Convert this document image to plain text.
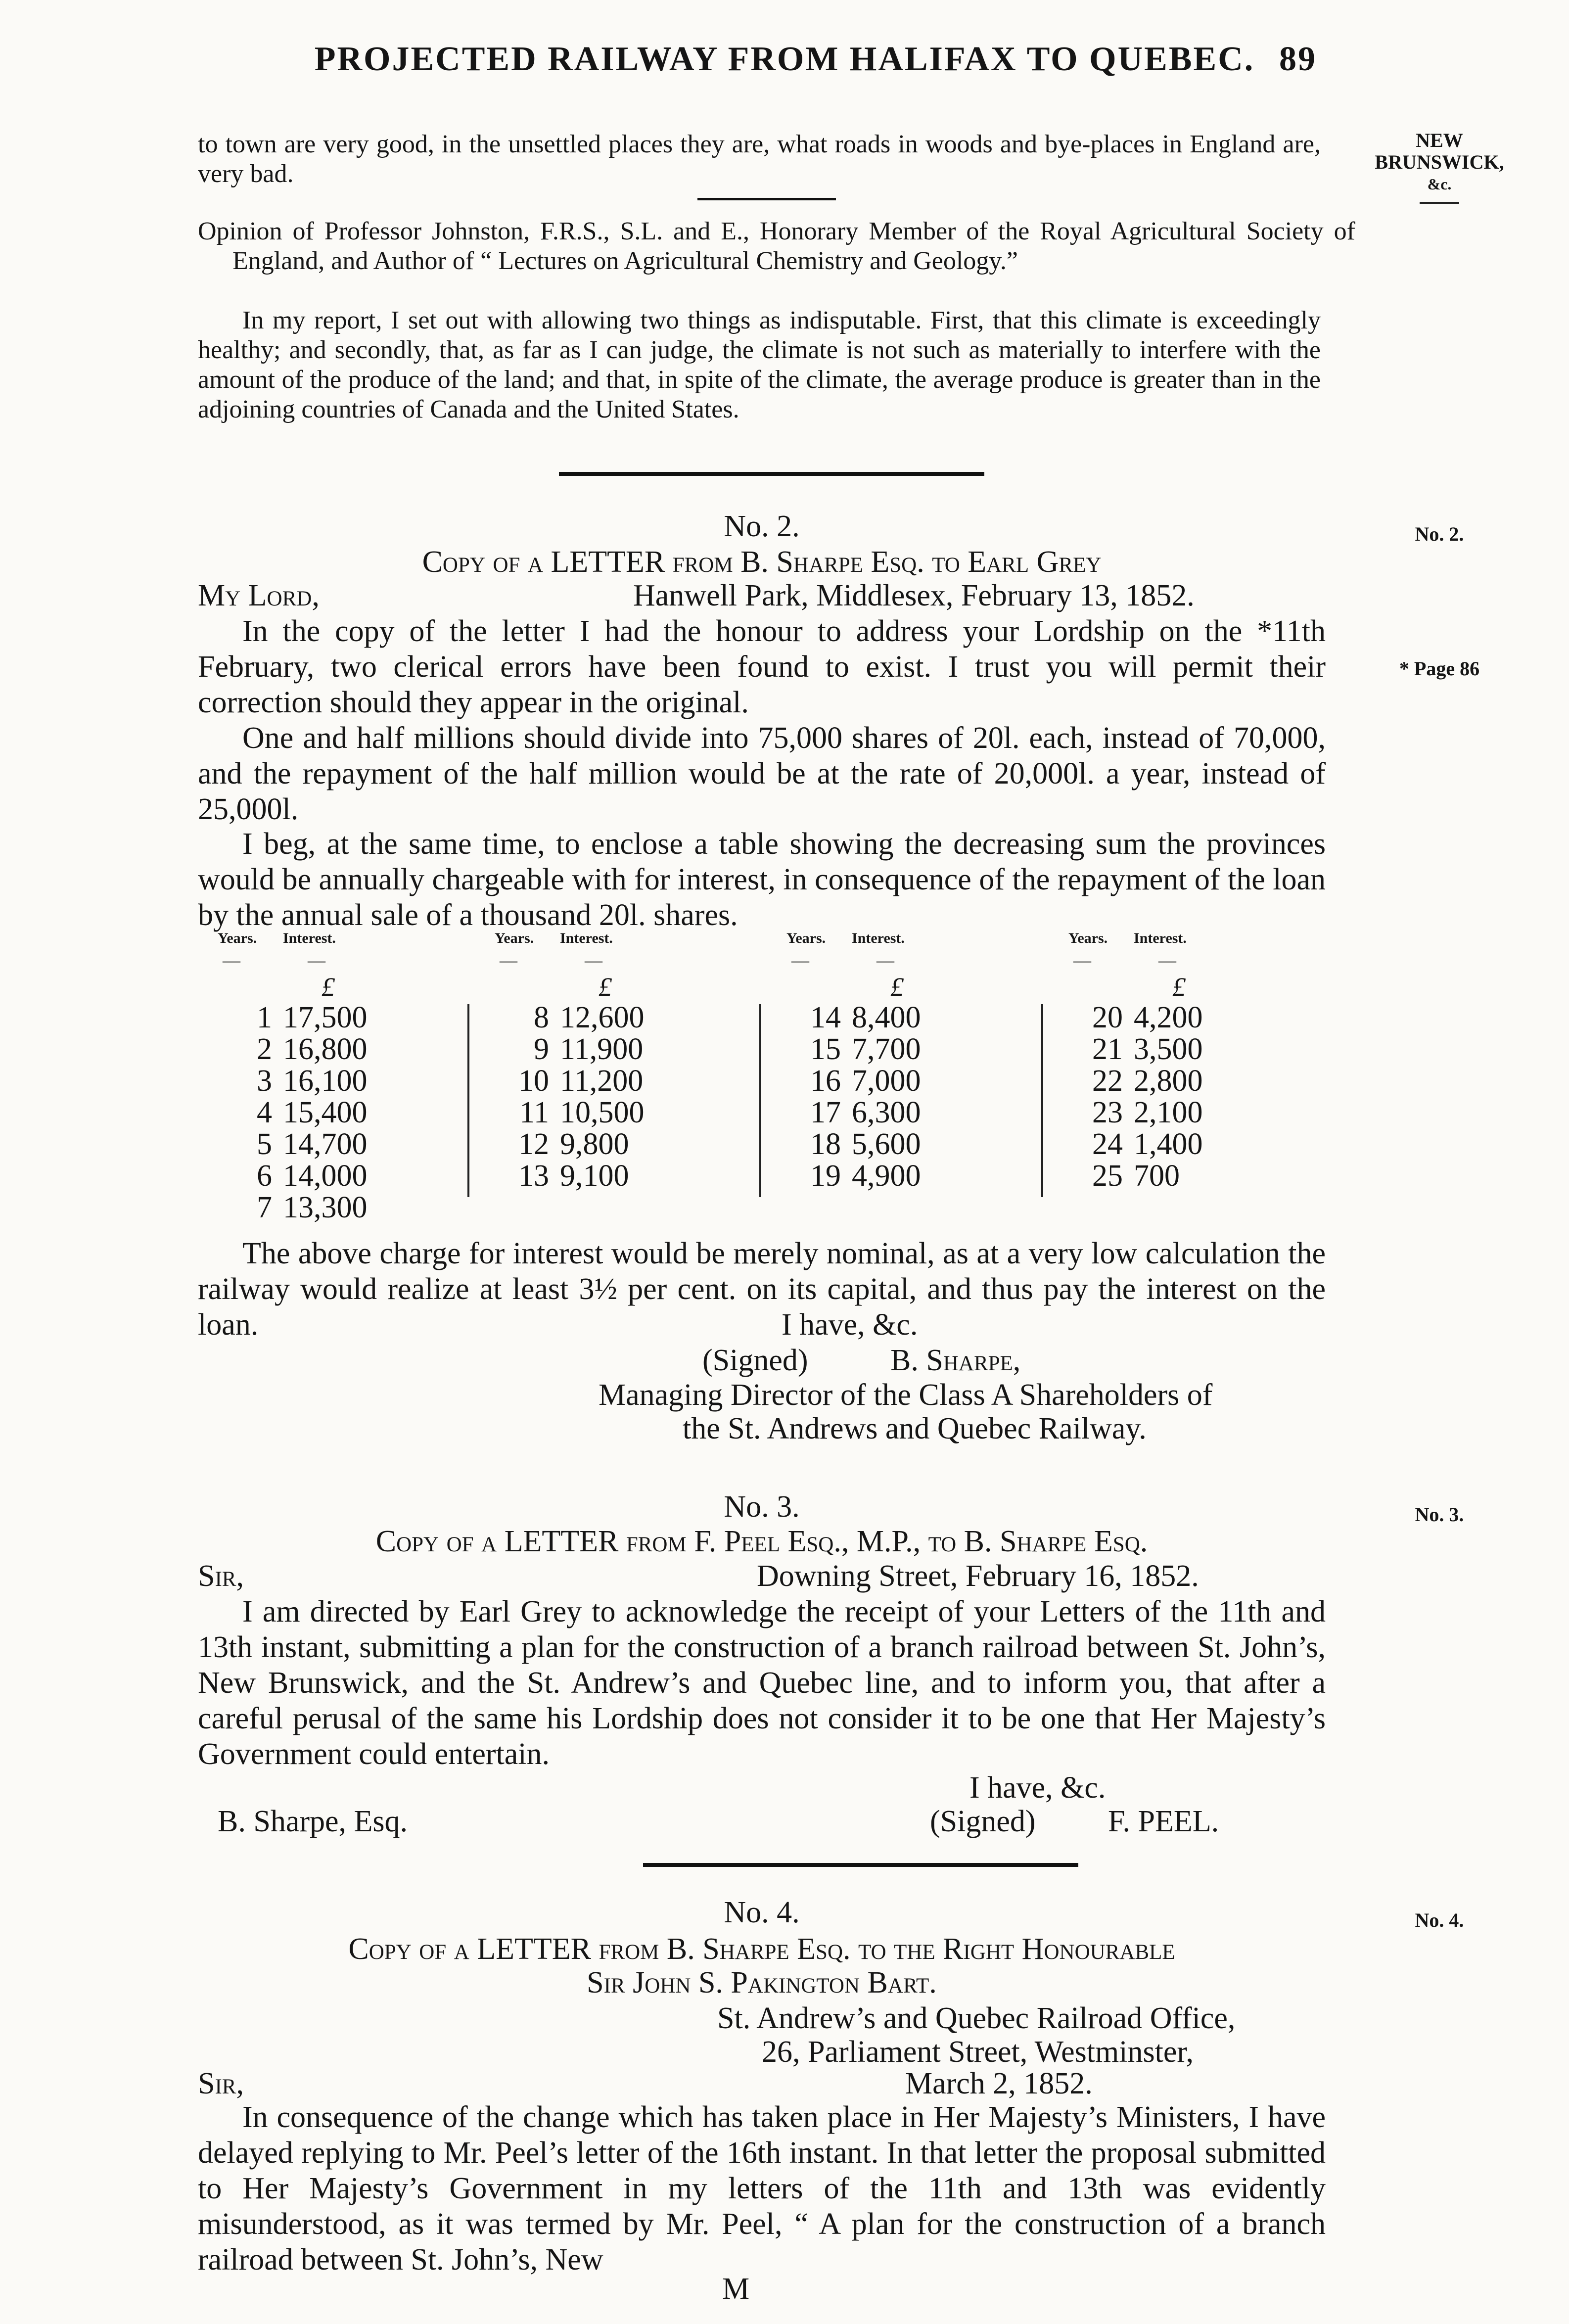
PROJECTED RAILWAY FROM HALIFAX TO QUEBEC. 89
NEW BRUNSWICK,
&c.
No. 2.
* Page 86
No. 3.
No. 4.
to town are very good, in the unsettled places they are, what roads in woods and bye-places in England are, very bad.
Opinion of Professor Johnston, F.R.S., S.L. and E., Honorary Member of the Royal Agricultural Society of England, and Author of “ Lectures on Agricultural Chemistry and Geology.”
In my report, I set out with allowing two things as indisputable. First, that this climate is exceedingly healthy; and secondly, that, as far as I can judge, the climate is not such as materially to interfere with the amount of the produce of the land; and that, in spite of the climate, the average produce is greater than in the adjoining countries of Canada and the United States.
No. 2.
Copy of a LETTER from B. Sharpe Esq. to Earl Grey
My Lord,	Hanwell Park, Middlesex, February 13, 1852.
In the copy of the letter I had the honour to address your Lordship on the *11th February, two clerical errors have been found to exist. I trust you will permit their correction should they appear in the original.
One and half millions should divide into 75,000 shares of 20l. each, instead of 70,000, and the repayment of the half million would be at the rate of 20,000l. a year, instead of 25,000l.
I beg, at the same time, to enclose a table showing the decreasing sum the provinces would be annually chargeable with for interest, in consequence of the repayment of the loan by the annual sale of a thousand 20l. shares.
Years. Interest.
—	—
£
1 17,500
2 16,800
3 16,100
4 15,400
5 14,700
6 14,000
7 13,300
Years. Interest.
—	—
£
8 12,600
9 11,900
10 11,200
11 10,500
12 9,800
13 9,100
Years. Interest.
—	—
£
14 8,400
15 7,700
16 7,000
17 6,300
18 5,600
19 4,900
Years. Interest.
—	—
£
20 4,200
21 3,500
22 2,800
23 2,100
24 1,400
25 700
The above charge for interest would be merely nominal, as at a very low calculation the railway would realize at least 3½ per cent. on its capital, and thus pay the interest on the loan.
(Signed)	B. Sharpe,
Managing Director of the Class A Shareholders of
the St. Andrews and Quebec Railway.
No. 3.
Copy of a LETTER from F. Peel Esq., M.P., to B. Sharpe Esq.
Sir,	Downing Street, February 16, 1852.
I am directed by Earl Grey to acknowledge the receipt of your Letters of the 11th and 13th instant, submitting a plan for the construction of a branch railroad between St. John’s, New Brunswick, and the St. Andrew’s and Quebec line, and to inform you, that after a careful perusal of the same his Lordship does not consider it to be one that Her Majesty’s Government could entertain.
I have, &c.
B. Sharpe, Esq.	(Signed) F. PEEL.
No. 4.
Copy of a LETTER from B. Sharpe Esq. to the Right Honourable
Sir John S. Pakington Bart.
St. Andrew’s and Quebec Railroad Office,
26, Parliament Street, Westminster,
Sir,	March 2, 1852.
In consequence of the change which has taken place in Her Majesty’s Ministers, I have delayed replying to Mr. Peel’s letter of the 16th instant. In that letter the proposal submitted to Her Majesty’s Government in my letters of the 11th and 13th was evidently misunderstood, as it was termed by Mr. Peel, “ A plan for the construction of a branch railroad between St. John’s, New
M
I have, &c.
